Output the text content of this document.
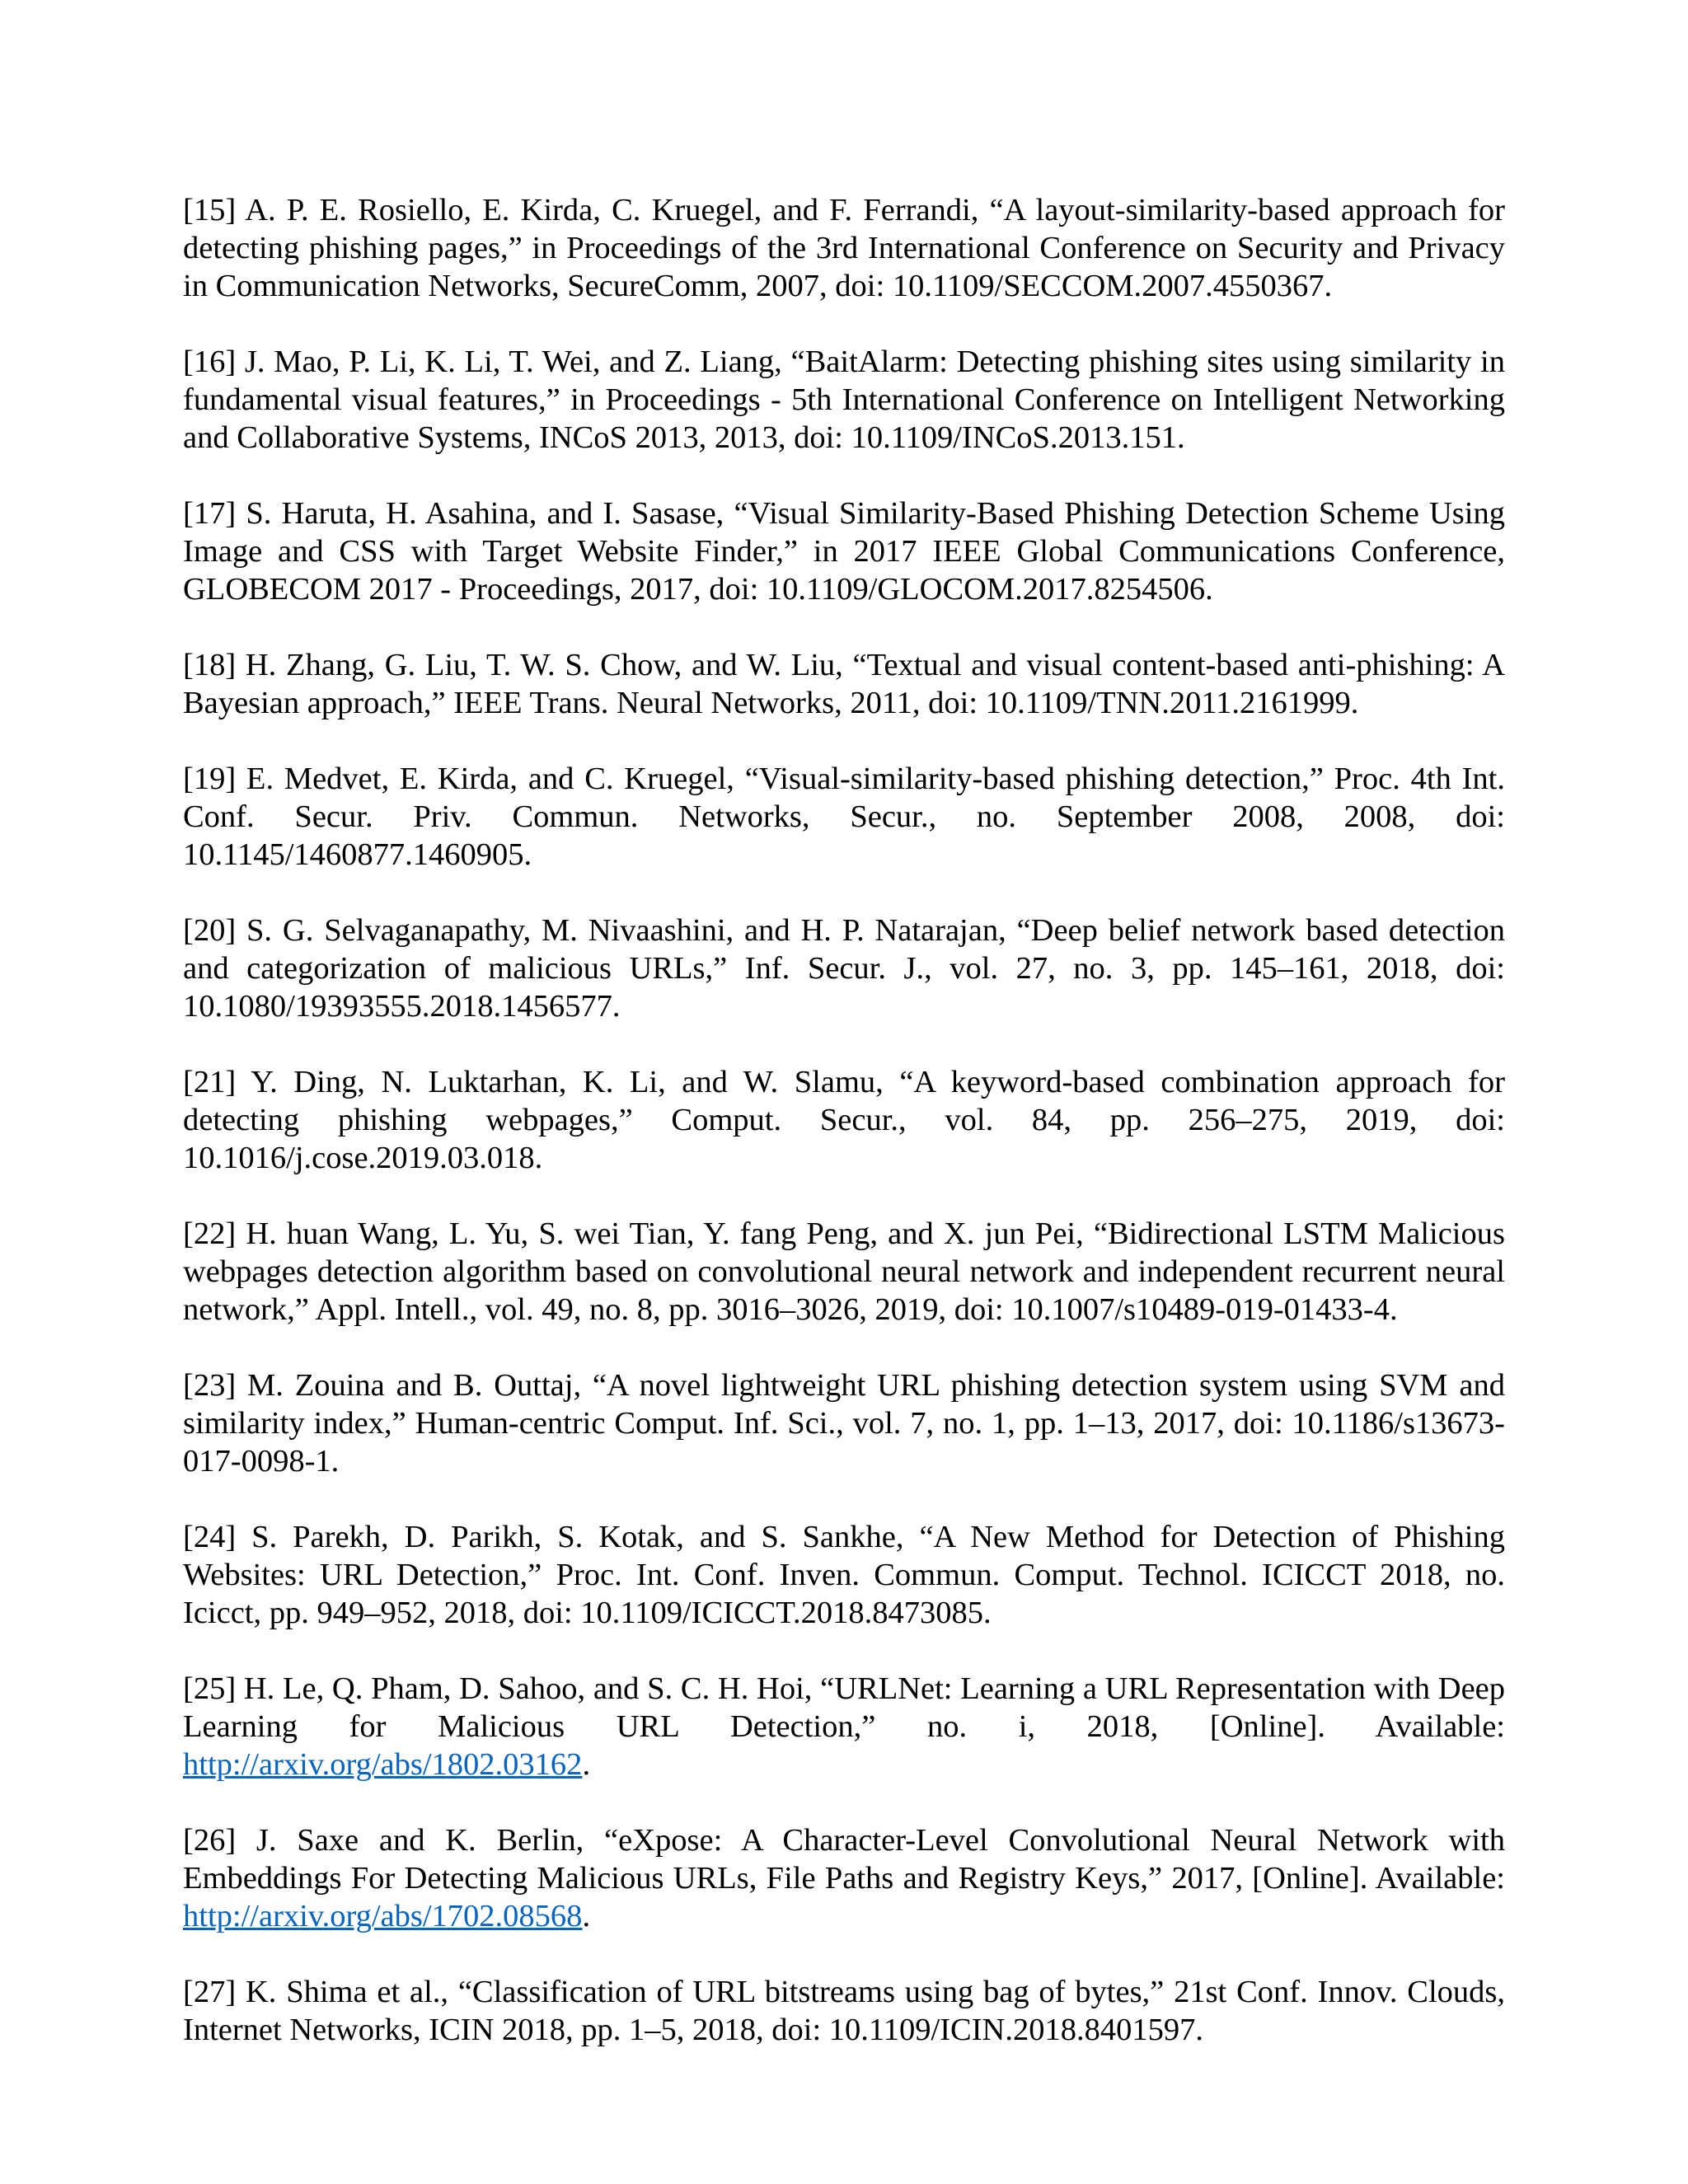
[15] A. P. E. Rosiello, E. Kirda, C. Kruegel, and F. Ferrandi, “A layout-similarity-based approach for detecting phishing pages,” in Proceedings of the 3rd International Conference on Security and Privacy in Communication Networks, SecureComm, 2007, doi: 10.1109/SECCOM.2007.4550367.

[16] J. Mao, P. Li, K. Li, T. Wei, and Z. Liang, “BaitAlarm: Detecting phishing sites using similarity in fundamental visual features,” in Proceedings - 5th International Conference on Intelligent Networking and Collaborative Systems, INCoS 2013, 2013, doi: 10.1109/INCoS.2013.151.

[17] S. Haruta, H. Asahina, and I. Sasase, “Visual Similarity-Based Phishing Detection Scheme Using Image and CSS with Target Website Finder,” in 2017 IEEE Global Communications Conference, GLOBECOM 2017 - Proceedings, 2017, doi: 10.1109/GLOCOM.2017.8254506.

[18] H. Zhang, G. Liu, T. W. S. Chow, and W. Liu, “Textual and visual content-based anti-phishing: A Bayesian approach,” IEEE Trans. Neural Networks, 2011, doi: 10.1109/TNN.2011.2161999.

[19] E. Medvet, E. Kirda, and C. Kruegel, “Visual-similarity-based phishing detection,” Proc. 4th Int. Conf. Secur. Priv. Commun. Networks, Secur., no. September 2008, 2008, doi: 10.1145/1460877.1460905.

[20] S. G. Selvaganapathy, M. Nivaashini, and H. P. Natarajan, “Deep belief network based detection and categorization of malicious URLs,” Inf. Secur. J., vol. 27, no. 3, pp. 145–161, 2018, doi: 10.1080/19393555.2018.1456577.

[21] Y. Ding, N. Luktarhan, K. Li, and W. Slamu, “A keyword-based combination approach for detecting phishing webpages,” Comput. Secur., vol. 84, pp. 256–275, 2019, doi: 10.1016/j.cose.2019.03.018.

[22] H. huan Wang, L. Yu, S. wei Tian, Y. fang Peng, and X. jun Pei, “Bidirectional LSTM Malicious webpages detection algorithm based on convolutional neural network and independent recurrent neural network,” Appl. Intell., vol. 49, no. 8, pp. 3016–3026, 2019, doi: 10.1007/s10489-019-01433-4.

[23] M. Zouina and B. Outtaj, “A novel lightweight URL phishing detection system using SVM and similarity index,” Human-centric Comput. Inf. Sci., vol. 7, no. 1, pp. 1–13, 2017, doi: 10.1186/s13673-017-0098-1.

[24] S. Parekh, D. Parikh, S. Kotak, and S. Sankhe, “A New Method for Detection of Phishing Websites: URL Detection,” Proc. Int. Conf. Inven. Commun. Comput. Technol. ICICCT 2018, no. Icicct, pp. 949–952, 2018, doi: 10.1109/ICICCT.2018.8473085.

[25] H. Le, Q. Pham, D. Sahoo, and S. C. H. Hoi, “URLNet: Learning a URL Representation with Deep Learning for Malicious URL Detection,” no. i, 2018, [Online]. Available: http://arxiv.org/abs/1802.03162.

[26] J. Saxe and K. Berlin, “eXpose: A Character-Level Convolutional Neural Network with Embeddings For Detecting Malicious URLs, File Paths and Registry Keys,” 2017, [Online]. Available: http://arxiv.org/abs/1702.08568.

[27] K. Shima et al., “Classification of URL bitstreams using bag of bytes,” 21st Conf. Innov. Clouds, Internet Networks, ICIN 2018, pp. 1–5, 2018, doi: 10.1109/ICIN.2018.8401597.
